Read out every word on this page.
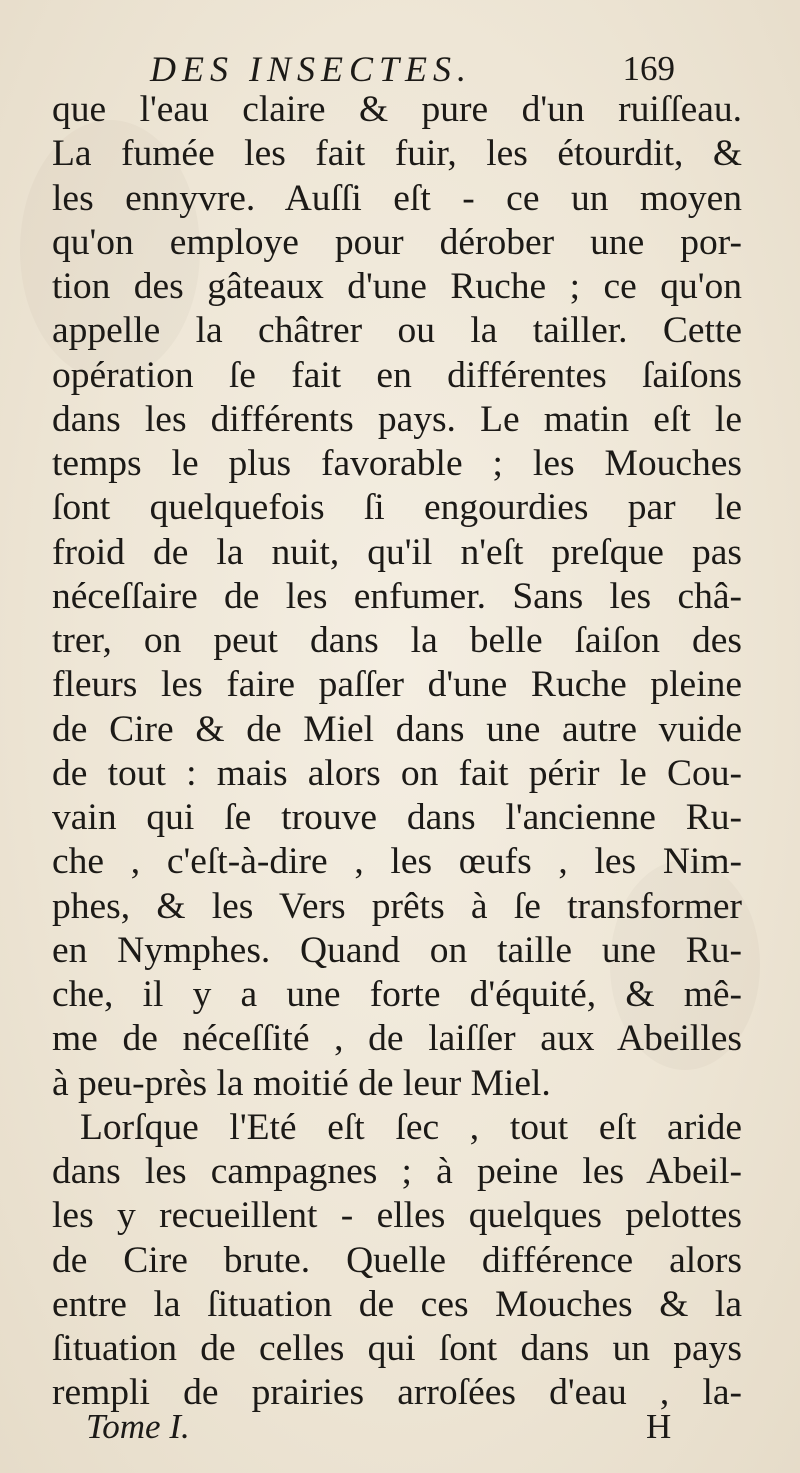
DES INSECTES.	169
que l'eau claire & pure d'un ruiſſeau.
La fumée les fait fuir, les étourdit, &
les ennyvre. Auſſi eſt - ce un moyen
qu'on employe pour dérober une por-
tion des gâteaux d'une Ruche ; ce qu'on
appelle la châtrer ou la tailler. Cette
opération ſe fait en différentes ſaiſons
dans les différents pays. Le matin eſt le
temps le plus favorable ; les Mouches
ſont quelquefois ſi engourdies par le
froid de la nuit, qu'il n'eſt preſque pas
néceſſaire de les enfumer. Sans les châ-
trer, on peut dans la belle ſaiſon des
fleurs les faire paſſer d'une Ruche pleine
de Cire & de Miel dans une autre vuide
de tout : mais alors on fait périr le Cou-
vain qui ſe trouve dans l'ancienne Ru-
che , c'eſt-à-dire , les œufs , les Nim-
phes, & les Vers prêts à ſe transformer
en Nymphes. Quand on taille une Ru-
che, il y a une forte d'équité, & mê-
me de néceſſité , de laiſſer aux Abeilles
à peu-près la moitié de leur Miel.
Lorſque l'Eté eſt ſec , tout eſt aride
dans les campagnes ; à peine les Abeil-
les y recueillent - elles quelques pelottes
de Cire brute. Quelle différence alors
entre la ſituation de ces Mouches & la
ſituation de celles qui ſont dans un pays
rempli de prairies arroſées d'eau , la-
Tome I.	H
